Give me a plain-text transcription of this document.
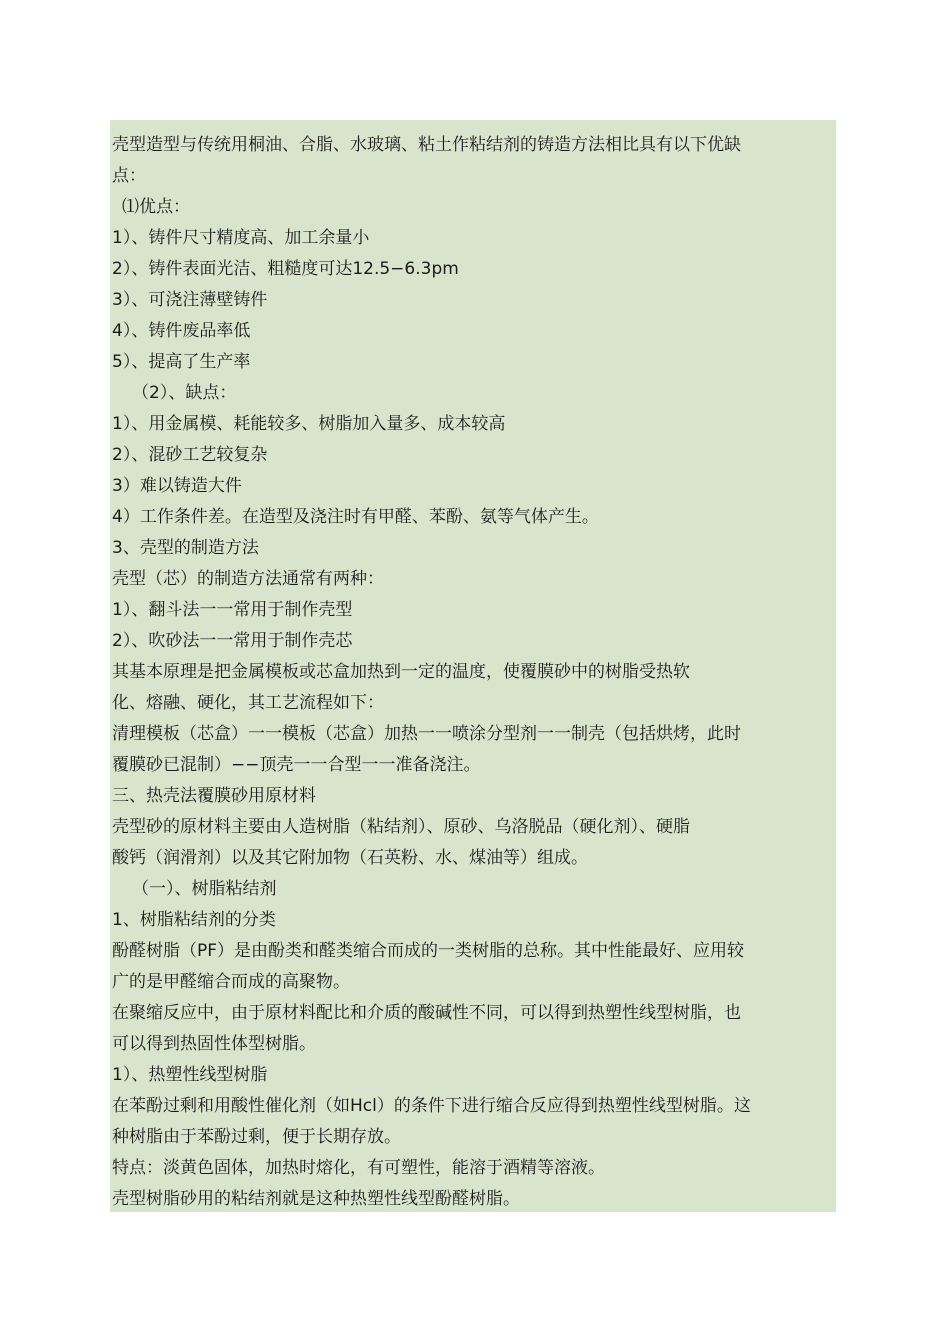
壳型造型与传统用桐油、合脂、水玻璃、粘土作粘结剂的铸造方法相比具有以下优缺
点：
⑴优点：
1）、铸件尺寸精度高、加工余量小
2）、铸件表面光洁、粗糙度可达12.5−6.3pm
3）、可浇注薄壁铸件
4）、铸件废品率低
5）、提高了生产率
（2）、缺点：
1）、用金属模、耗能较多、树脂加入量多、成本较高
2）、混砂工艺较复杂
3）难以铸造大件
4）工作条件差。在造型及浇注时有甲醛、苯酚、氨等气体产生。
3、壳型的制造方法
壳型（芯）的制造方法通常有两种：
1）、翻斗法一一常用于制作壳型
2）、吹砂法一一常用于制作壳芯
其基本原理是把金属模板或芯盒加热到一定的温度，使覆膜砂中的树脂受热软
化、熔融、硬化，其工艺流程如下：
清理模板（芯盒）一一模板（芯盒）加热一一喷涂分型剂一一制壳（包括烘烤，此时
覆膜砂已混制）−−顶壳一一合型一一准备浇注。
三、热壳法覆膜砂用原材料
壳型砂的原材料主要由人造树脂（粘结剂）、原砂、乌洛脱品（硬化剂）、硬脂
酸钙（润滑剂）以及其它附加物（石英粉、水、煤油等）组成。
（一）、树脂粘结剂
1、树脂粘结剂的分类
酚醛树脂（PF）是由酚类和醛类缩合而成的一类树脂的总称。其中性能最好、应用较
广的是甲醛缩合而成的高聚物。
在聚缩反应中，由于原材料配比和介质的酸碱性不同，可以得到热塑性线型树脂，也
可以得到热固性体型树脂。
1）、热塑性线型树脂
在苯酚过剩和用酸性催化剂（如Hcl）的条件下进行缩合反应得到热塑性线型树脂。这
种树脂由于苯酚过剩，便于长期存放。
特点：淡黄色固体，加热时熔化，有可塑性，能溶于酒精等溶液。
壳型树脂砂用的粘结剂就是这种热塑性线型酚醛树脂。
